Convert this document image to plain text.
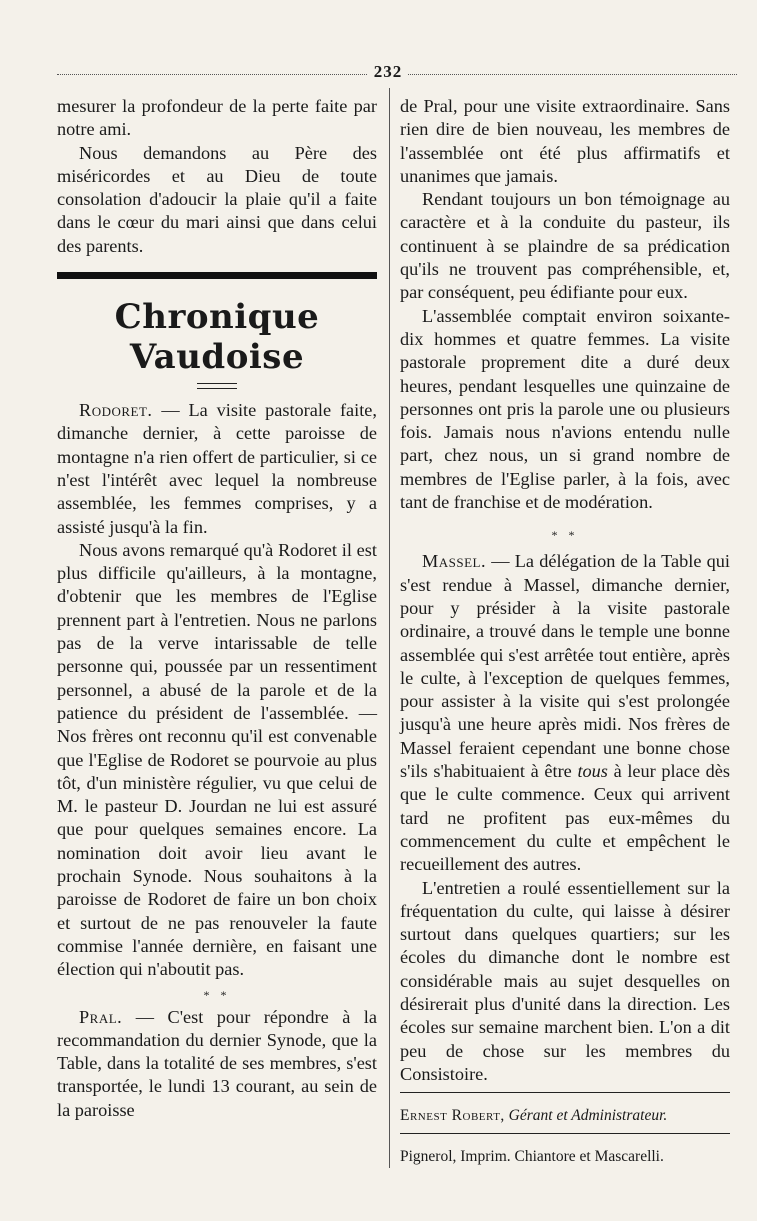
232

mesurer la profondeur de la perte faite par notre ami.

Nous demandons au Père des miséricordes et au Dieu de toute consolation d'adoucir la plaie qu'il a faite dans le cœur du mari ainsi que dans celui des parents.

Chronique Vaudoise

Rodoret. — La visite pastorale faite, dimanche dernier, à cette paroisse de montagne n'a rien offert de particulier, si ce n'est l'intérêt avec lequel la nombreuse assemblée, les femmes comprises, y a assisté jusqu'à la fin.

Nous avons remarqué qu'à Rodoret il est plus difficile qu'ailleurs, à la montagne, d'obtenir que les membres de l'Eglise prennent part à l'entretien. Nous ne parlons pas de la verve intarissable de telle personne qui, poussée par un ressentiment personnel, a abusé de la parole et de la patience du président de l'assemblée. — Nos frères ont reconnu qu'il est convenable que l'Eglise de Rodoret se pourvoie au plus tôt, d'un ministère régulier, vu que celui de M. le pasteur D. Jourdan ne lui est assuré que pour quelques semaines encore. La nomination doit avoir lieu avant le prochain Synode. Nous souhaitons à la paroisse de Rodoret de faire un bon choix et surtout de ne pas renouveler la faute commise l'année dernière, en faisant une élection qui n'aboutit pas.

* *

Pral. — C'est pour répondre à la recommandation du dernier Synode, que la Table, dans la totalité de ses membres, s'est transportée, le lundi 13 courant, au sein de la paroisse

de Pral, pour une visite extraordinaire. Sans rien dire de bien nouveau, les membres de l'assemblée ont été plus affirmatifs et unanimes que jamais.

Rendant toujours un bon témoignage au caractère et à la conduite du pasteur, ils continuent à se plaindre de sa prédication qu'ils ne trouvent pas compréhensible, et, par conséquent, peu édifiante pour eux.

L'assemblée comptait environ soixante-dix hommes et quatre femmes. La visite pastorale proprement dite a duré deux heures, pendant lesquelles une quinzaine de personnes ont pris la parole une ou plusieurs fois. Jamais nous n'avions entendu nulle part, chez nous, un si grand nombre de membres de l'Eglise parler, à la fois, avec tant de franchise et de modération.

* *

Massel. — La délégation de la Table qui s'est rendue à Massel, dimanche dernier, pour y présider à la visite pastorale ordinaire, a trouvé dans le temple une bonne assemblée qui s'est arrêtée tout entière, après le culte, à l'exception de quelques femmes, pour assister à la visite qui s'est prolongée jusqu'à une heure après midi. Nos frères de Massel feraient cependant une bonne chose s'ils s'habituaient à être tous à leur place dès que le culte commence. Ceux qui arrivent tard ne profitent pas eux-mêmes du commencement du culte et empêchent le recueillement des autres.

L'entretien a roulé essentiellement sur la fréquentation du culte, qui laisse à désirer surtout dans quelques quartiers; sur les écoles du dimanche dont le nombre est considérable mais au sujet desquelles on désirerait plus d'unité dans la direction. Les écoles sur semaine marchent bien. L'on a dit peu de chose sur les membres du Consistoire.

Ernest Robert, Gérant et Administrateur.
Pignerol, Imprim. Chiantore et Mascarelli.
